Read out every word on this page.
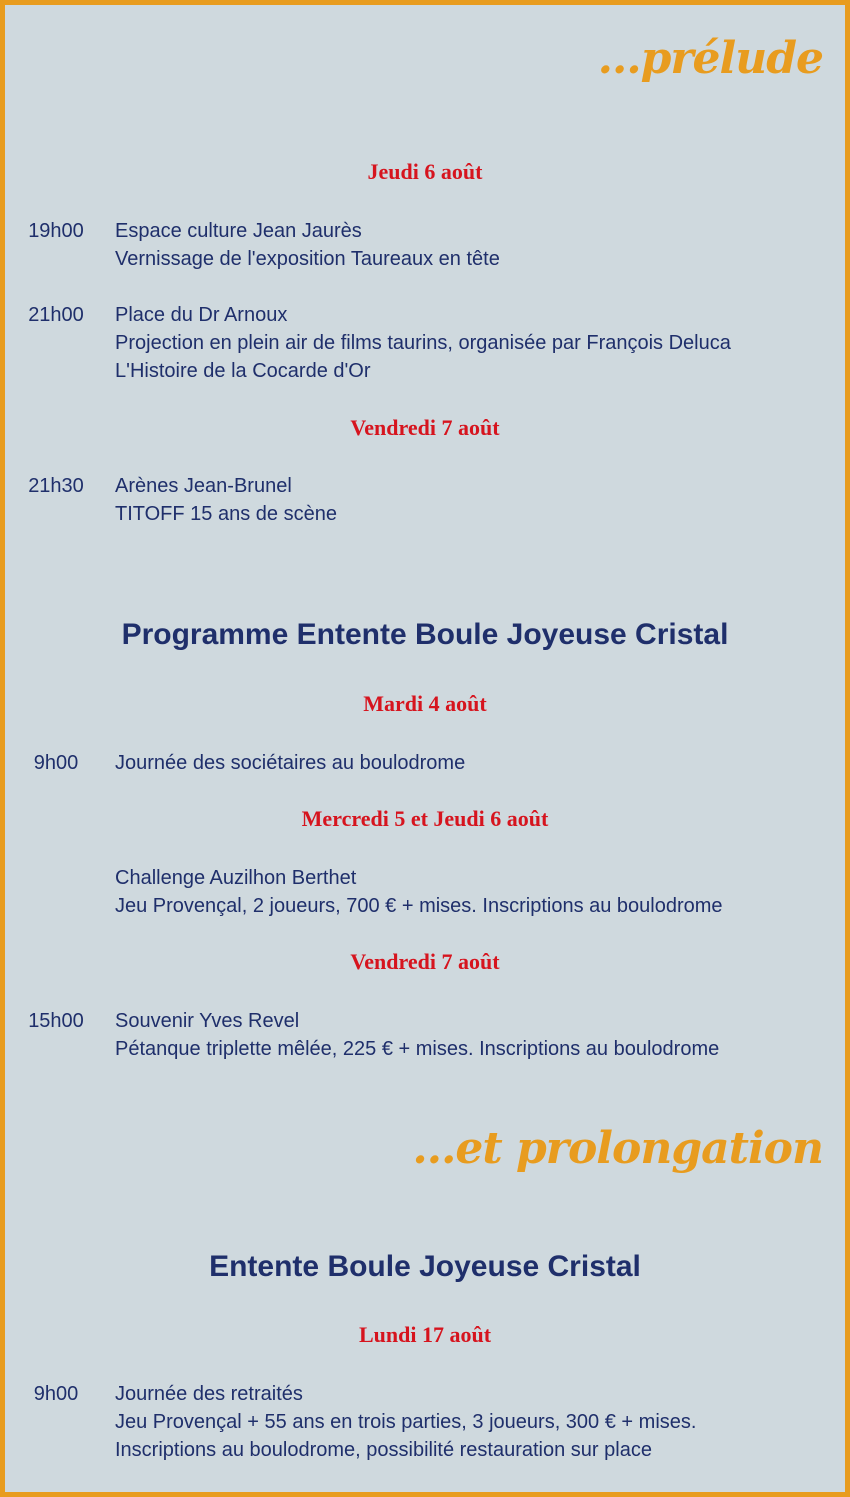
…prélude
Jeudi 6 août
19h00	Espace culture Jean Jaurès
Vernissage de l'exposition Taureaux en tête
21h00	Place du Dr Arnoux
Projection en plein air de films taurins, organisée par François Deluca
L'Histoire de la Cocarde d'Or
Vendredi 7 août
21h30	Arènes Jean-Brunel
TITOFF 15 ans de scène
Programme Entente Boule Joyeuse Cristal
Mardi 4 août
9h00	Journée des sociétaires au boulodrome
Mercredi 5 et Jeudi 6 août
Challenge Auzilhon Berthet
Jeu Provençal, 2 joueurs, 700 € + mises. Inscriptions au boulodrome
Vendredi 7 août
15h00	Souvenir Yves Revel
Pétanque triplette mêlée, 225 € + mises. Inscriptions au boulodrome
…et prolongation
Entente Boule Joyeuse Cristal
Lundi 17 août
9h00	Journée des retraités
Jeu Provençal + 55 ans en trois parties, 3 joueurs, 300 € + mises.
Inscriptions au boulodrome, possibilité restauration sur place
